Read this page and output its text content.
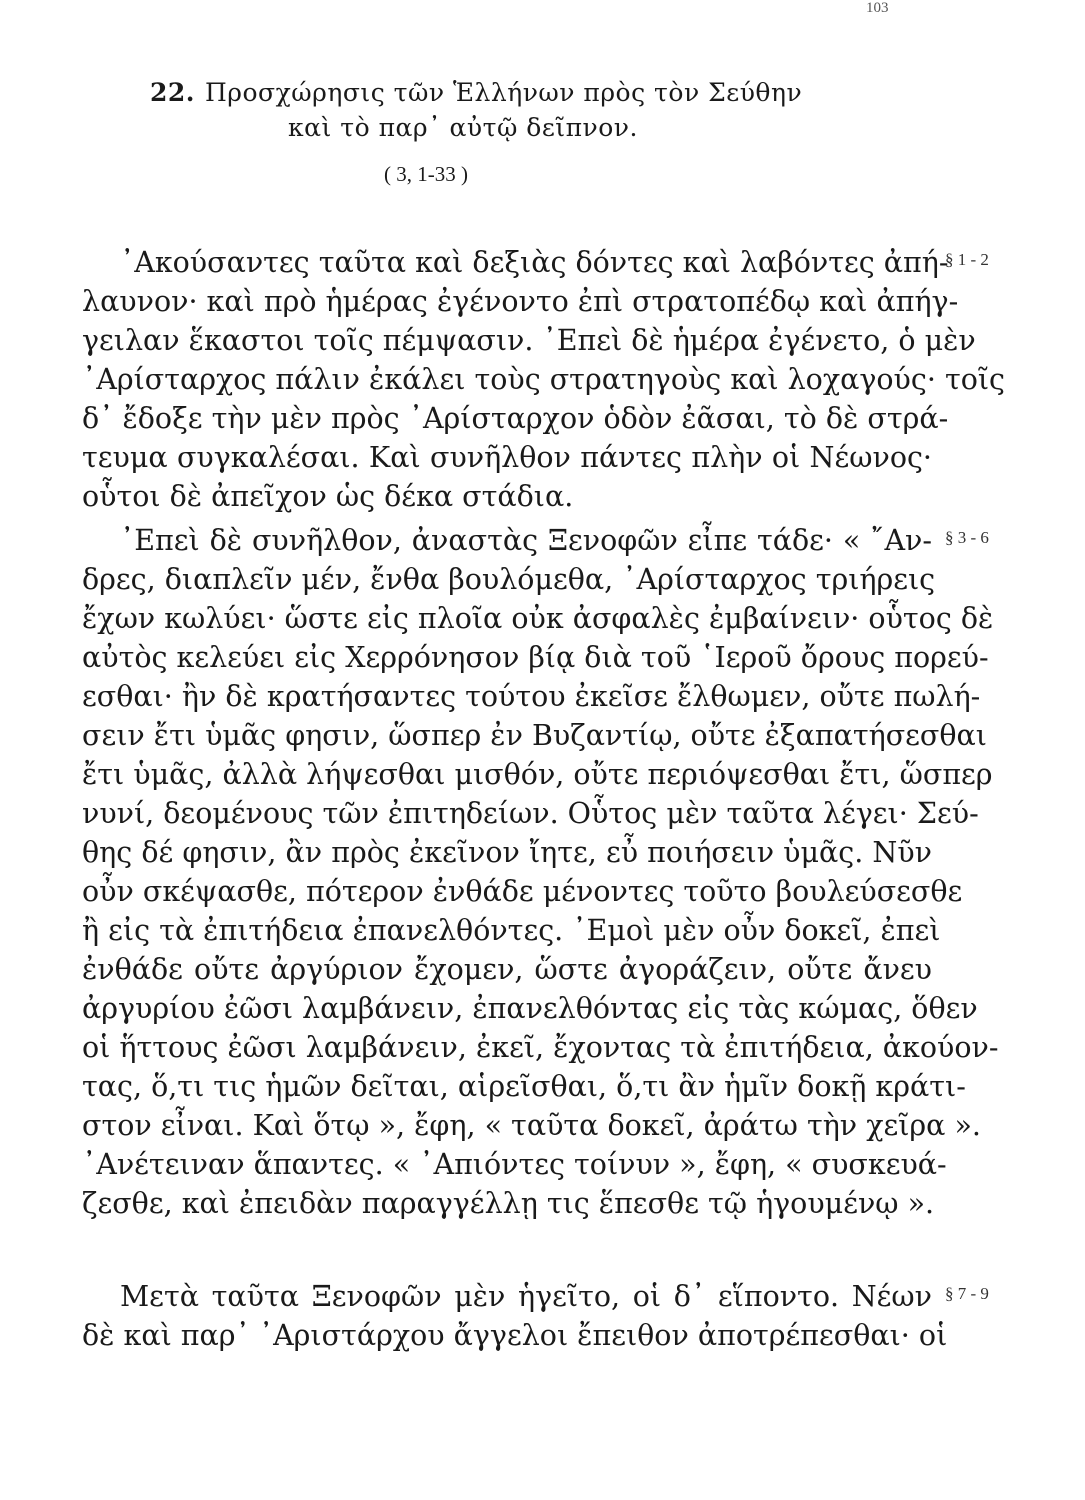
103
22. Προσχώρησις τῶν Ἑλλήνων πρὸς τὸν Σεύθην
καὶ τὸ παρ᾽ αὐτῷ δεῖπνον.
( 3, 1-33 )
§ 1 - 2
§ 3 - 6
§ 7 - 9
᾽Ακούσαντες ταῦτα καὶ δεξιὰς δόντες καὶ λαβόντες ἀπή-
λαυνον· καὶ πρὸ ἡμέρας ἐγένοντο ἐπὶ στρατοπέδῳ καὶ ἀπήγ-
γειλαν ἕκαστοι τοῖς πέμψασιν. ᾽Επεὶ δὲ ἡμέρα ἐγένετο, ὁ μὲν
᾽Αρίσταρχος πάλιν ἐκάλει τοὺς στρατηγοὺς καὶ λοχαγούς· τοῖς
δ᾽ ἔδοξε τὴν μὲν πρὸς ᾽Αρίσταρχον ὁδὸν ἐᾶσαι, τὸ δὲ στρά-
τευμα συγκαλέσαι. Καὶ συνῆλθον πάντες πλὴν οἱ Νέωνος·
οὗτοι δὲ ἀπεῖχον ὡς δέκα στάδια.
᾽Επεὶ δὲ συνῆλθον, ἀναστὰς Ξενοφῶν εἶπε τάδε· « ῎Αν-
δρες, διαπλεῖν μέν, ἔνθα βουλόμεθα, ᾽Αρίσταρχος τριήρεις
ἔχων κωλύει· ὥστε εἰς πλοῖα οὐκ ἀσφαλὲς ἐμβαίνειν· οὗτος δὲ
αὐτὸς κελεύει εἰς Χερρόνησον βίᾳ διὰ τοῦ ῾Ιεροῦ ὄρους πορεύ-
εσθαι· ἢν δὲ κρατήσαντες τούτου ἐκεῖσε ἔλθωμεν, οὔτε πωλή-
σειν ἔτι ὑμᾶς φησιν, ὥσπερ ἐν Βυζαντίῳ, οὔτε ἐξαπατήσεσθαι
ἔτι ὑμᾶς, ἀλλὰ λήψεσθαι μισθόν, οὔτε περιόψεσθαι ἔτι, ὥσπερ
νυνί, δεομένους τῶν ἐπιτηδείων. Οὗτος μὲν ταῦτα λέγει· Σεύ-
θης δέ φησιν, ἂν πρὸς ἐκεῖνον ἴητε, εὖ ποιήσειν ὑμᾶς. Νῦν
οὖν σκέψασθε, πότερον ἐνθάδε μένοντες τοῦτο βουλεύσεσθε
ἢ εἰς τὰ ἐπιτήδεια ἐπανελθόντες. ᾽Εμοὶ μὲν οὖν δοκεῖ, ἐπεὶ
ἐνθάδε οὔτε ἀργύριον ἔχομεν, ὥστε ἀγοράζειν, οὔτε ἄνευ
ἀργυρίου ἐῶσι λαμβάνειν, ἐπανελθόντας εἰς τὰς κώμας, ὅθεν
οἱ ἥττους ἐῶσι λαμβάνειν, ἐκεῖ, ἔχοντας τὰ ἐπιτήδεια, ἀκούον-
τας, ὅ,τι τις ἡμῶν δεῖται, αἱρεῖσθαι, ὅ,τι ἂν ἡμῖν δοκῇ κράτι-
στον εἶναι. Καὶ ὅτῳ », ἔφη, « ταῦτα δοκεῖ, ἀράτω τὴν χεῖρα ».
᾽Ανέτειναν ἅπαντες. « ᾽Απιόντες τοίνυν », ἔφη, « συσκευά-
ζεσθε, καὶ ἐπειδὰν παραγγέλλῃ τις ἕπεσθε τῷ ἡγουμένῳ ».
Μετὰ ταῦτα Ξενοφῶν μὲν ἡγεῖτο, οἱ δ᾽ εἵποντο. Νέων
δὲ καὶ παρ᾽ ᾽Αριστάρχου ἄγγελοι ἔπειθον ἀποτρέπεσθαι· οἱ
